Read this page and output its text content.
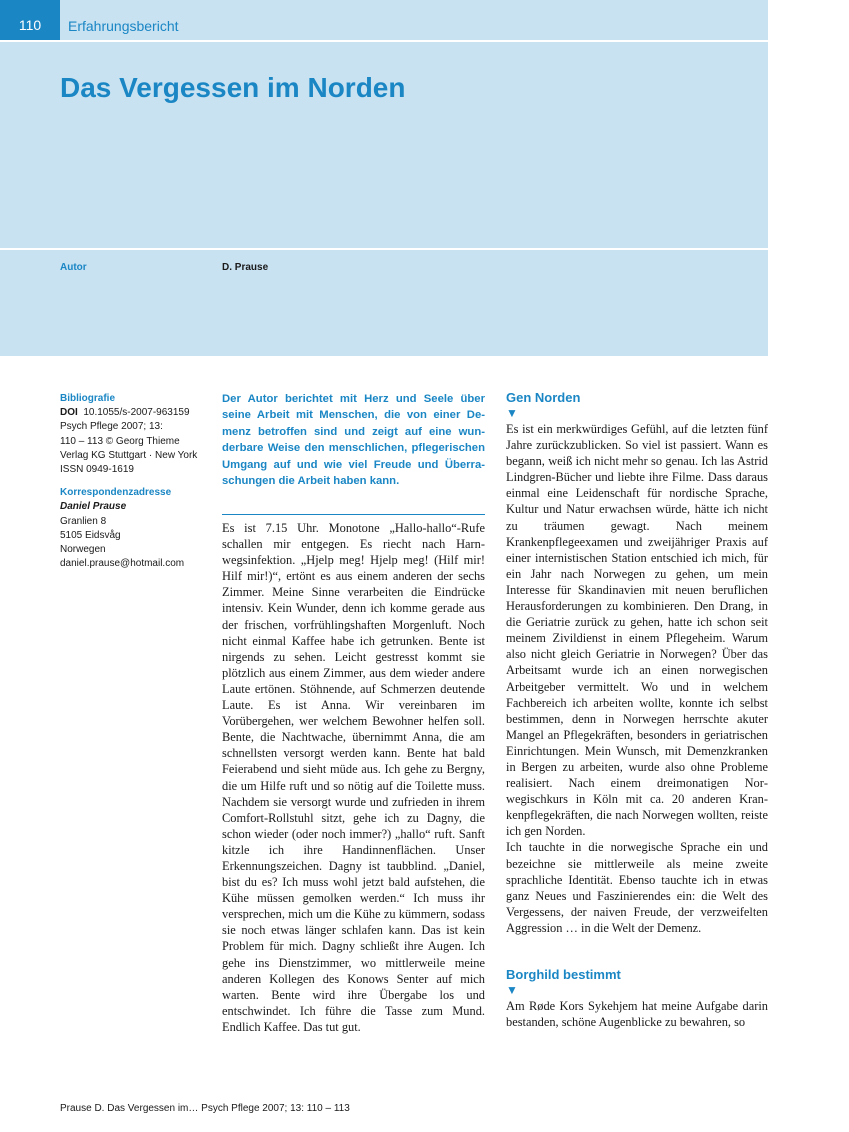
110	Erfahrungsbericht
Das Vergessen im Norden
Autor	D. Prause
Bibliografie
DOI 10.1055/s-2007-963159
Psych Pflege 2007; 13:
110 – 113 © Georg Thieme
Verlag KG Stuttgart · New York
ISSN 0949-1619
Korrespondenzadresse
Daniel Prause
Granlien 8
5105 Eidsvåg
Norwegen
daniel.prause@hotmail.com
Der Autor berichtet mit Herz und Seele über seine Arbeit mit Menschen, die von einer Demenz betroffen sind und zeigt auf eine wunderbare Weise den menschlichen, pflegerischen Umgang auf und wie viel Freude und Überraschungen die Arbeit haben kann.

Es ist 7.15 Uhr. Monotone „Hallo-hallo“-Rufe schallen mir entgegen. Es riecht nach Harnwegsinfektion. „Hjelp meg! Hjelp meg! (Hilf mir! Hilf mir!)“, ertönt es aus einem anderen der sechs Zimmer. Meine Sinne verarbeiten die Eindrücke intensiv. Kein Wunder, denn ich komme gerade aus der frischen, vorfrühlingshaften Morgenluft. Noch nicht einmal Kaffee habe ich getrunken. Bente ist nirgends zu sehen. Leicht gestresst kommt sie plötzlich aus einem Zimmer, aus dem wieder andere Laute ertönen. Stöhnende, auf Schmerzen deutende Laute. Es ist Anna. Wir vereinbaren im Vorübergehen, wer welchem Bewohner helfen soll. Bente, die Nachtwache, übernimmt Anna, die am schnellsten versorgt werden kann. Bente hat bald Feierabend und sieht müde aus. Ich gehe zu Bergny, die um Hilfe ruft und so nötig auf die Toilette muss. Nachdem sie versorgt wurde und zufrieden in ihrem Comfort-Rollstuhl sitzt, gehe ich zu Dagny, die schon wieder (oder noch immer?) „hallo“ ruft. Sanft kitzle ich ihre Handinnenflächen. Unser Erkennungszeichen. Dagny ist taubblind. „Daniel, bist du es? Ich muss wohl jetzt bald aufstehen, die Kühe müssen gemolken werden.“ Ich muss ihr versprechen, mich um die Kühe zu kümmern, sodass sie noch etwas länger schlafen kann. Das ist kein Problem für mich. Dagny schließt ihre Augen. Ich gehe ins Dienstzimmer, wo mittlerweile meine anderen Kollegen des Konows Senter auf mich warten. Bente wird ihre Übergabe los und entschwindet. Ich führe die Tasse zum Mund. Endlich Kaffee. Das tut gut.

Gen Norden
▼

Es ist ein merkwürdiges Gefühl, auf die letzten fünf Jahre zurückzublicken. So viel ist passiert. Wann es begann, weiß ich nicht mehr so genau. Ich las Astrid Lindgren-Bücher und liebte ihre Filme. Dass daraus einmal eine Leidenschaft für nordische Sprache, Kultur und Natur erwachsen würde, hätte ich nicht zu träumen gewagt. Nach meinem Krankenpflegeexamen und zweijähriger Praxis auf einer internistischen Station entschied ich mich, für ein Jahr nach Norwegen zu gehen, um mein Interesse für Skandinavien mit neuen beruflichen Herausforderungen zu kombinieren. Den Drang, in die Geriatrie zurück zu gehen, hatte ich schon seit meinem Zivildienst in einem Pflegeheim. Warum also nicht gleich Geriatrie in Norwegen? Über das Arbeitsamt wurde ich an einen norwegischen Arbeitgeber vermittelt. Wo und in welchem Fachbereich ich arbeiten wollte, konnte ich selbst bestimmen, denn in Norwegen herrschte akuter Mangel an Pflegekräften, besonders in geriatrischen Einrichtungen. Mein Wunsch, mit Demenzkranken in Bergen zu arbeiten, wurde also ohne Probleme realisiert. Nach einem dreimonatigen Norwegischkurs in Köln mit ca. 20 anderen Krankenpflegekräften, die nach Norwegen wollten, reiste ich gen Norden.

Ich tauchte in die norwegische Sprache ein und bezeichne sie mittlerweile als meine zweite sprachliche Identität. Ebenso tauchte ich in etwas ganz Neues und Faszinierendes ein: die Welt des Vergessens, der naiven Freude, der verzweifelten Aggression … in die Welt der Demenz.

Borghild bestimmt
▼

Am Røde Kors Sykehjem hat meine Aufgabe darin bestanden, schöne Augenblicke zu bewahren, so

Prause D. Das Vergessen im… Psych Pflege 2007; 13: 110 – 113
